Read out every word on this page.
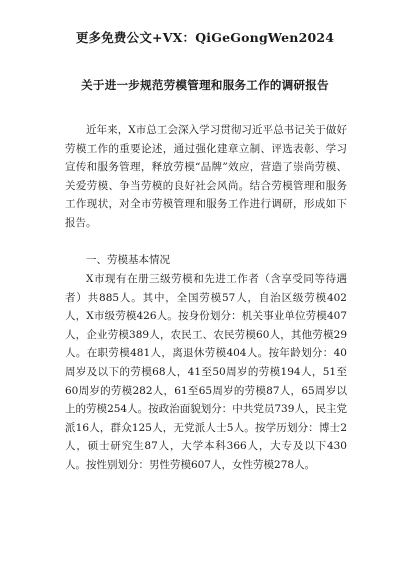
更多免费公文+VX：QiGeGongWen2024
关于进一步规范劳模管理和服务工作的调研报告

近年来，X市总工会深入学习贯彻习近平总书记关于做好劳模工作的重要论述，通过强化建章立制、评选表彰、学习宣传和服务管理，释放劳模“品牌”效应，营造了崇尚劳模、关爱劳模、争当劳模的良好社会风尚。结合劳模管理和服务工作现状，对全市劳模管理和服务工作进行调研，形成如下报告。

一、劳模基本情况

X市现有在册三级劳模和先进工作者（含享受同等待遇者）共885人。其中，全国劳模57人，自治区级劳模402人，X市级劳模426人。按身份划分：机关事业单位劳模407人，企业劳模389人，农民工、农民劳模60人，其他劳模29人。在职劳模481人，离退休劳模404人。按年龄划分：40周岁及以下的劳模68人，41至50周岁的劳模194人，51至60周岁的劳模282人，61至65周岁的劳模87人，65周岁以上的劳模254人。按政治面貌划分：中共党员739人，民主党派16人，群众125人，无党派人士5人。按学历划分：博士2人，硕士研究生87人，大学本科366人，大专及以下430人。按性别划分：男性劳模607人，女性劳模278人。
